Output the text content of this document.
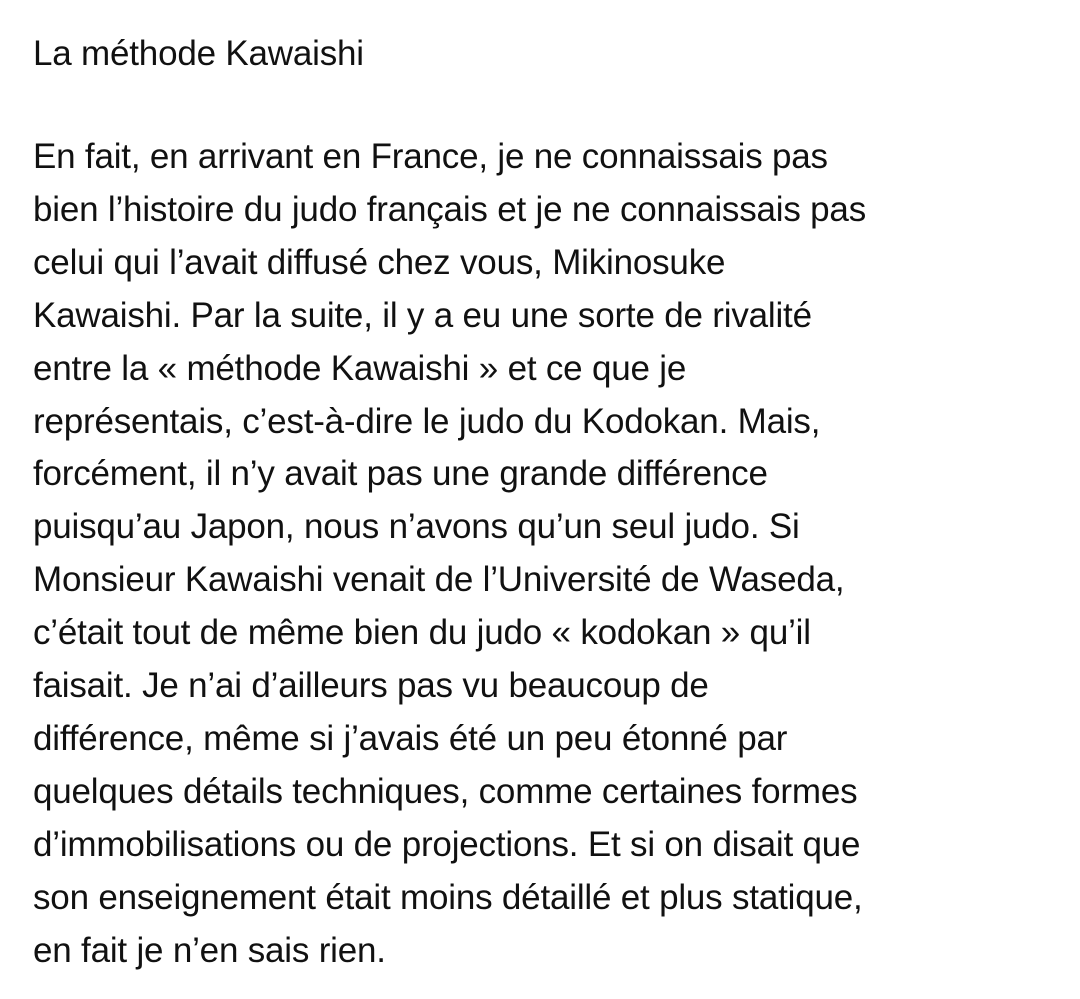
La méthode Kawaishi

En fait, en arrivant en France, je ne connaissais pas
bien l’histoire du judo français et je ne connaissais pas
celui qui l’avait diffusé chez vous, Mikinosuke
Kawaishi. Par la suite, il y a eu une sorte de rivalité
entre la « méthode Kawaishi » et ce que je
représentais, c’est-à-dire le judo du Kodokan. Mais,
forcément, il n’y avait pas une grande différence
puisqu’au Japon, nous n’avons qu’un seul judo. Si
Monsieur Kawaishi venait de l’Université de Waseda,
c’était tout de même bien du judo « kodokan » qu’il
faisait. Je n’ai d’ailleurs pas vu beaucoup de
différence, même si j’avais été un peu étonné par
quelques détails techniques, comme certaines formes
d’immobilisations ou de projections. Et si on disait que
son enseignement était moins détaillé et plus statique,
en fait je n’en sais rien.
